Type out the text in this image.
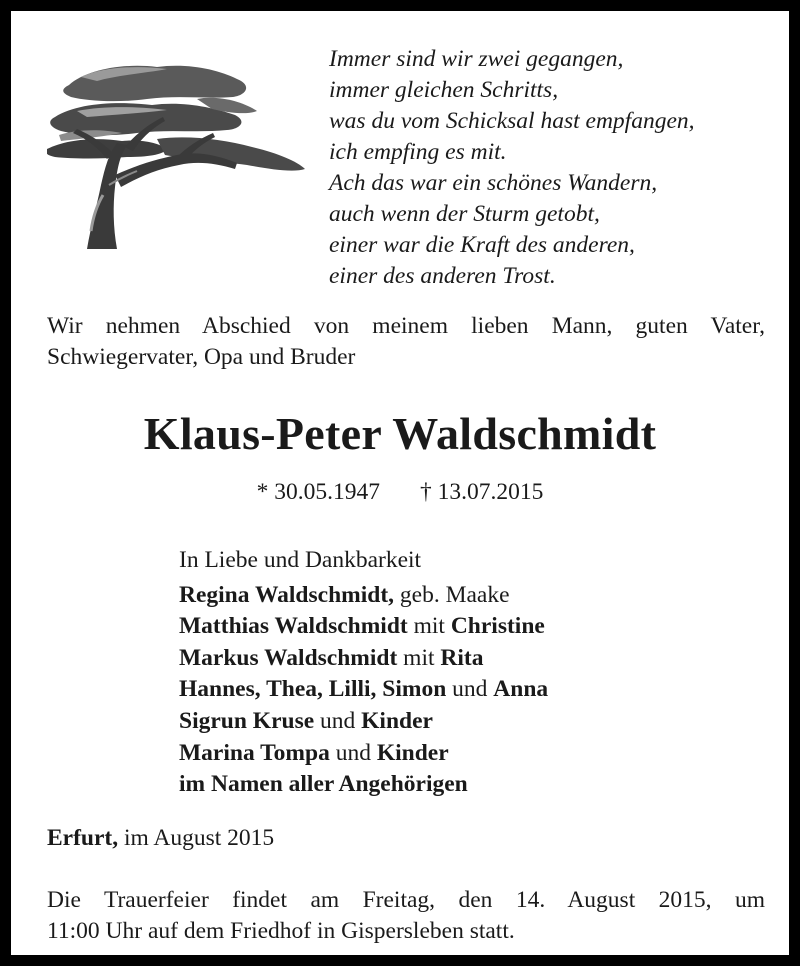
Immer sind wir zwei gegangen,
immer gleichen Schritts,
was du vom Schicksal hast empfangen,
ich empfing es mit.
Ach das war ein schönes Wandern,
auch wenn der Sturm getobt,
einer war die Kraft des anderen,
einer des anderen Trost.
Wir nehmen Abschied von meinem lieben Mann, guten Vater,
Schwiegervater, Opa und Bruder
Klaus-Peter Waldschmidt
* 30.05.1947 † 13.07.2015
In Liebe und Dankbarkeit
Regina Waldschmidt, geb. Maake
Matthias Waldschmidt mit Christine
Markus Waldschmidt mit Rita
Hannes, Thea, Lilli, Simon und Anna
Sigrun Kruse und Kinder
Marina Tompa und Kinder
im Namen aller Angehörigen
Erfurt, im August 2015
Die Trauerfeier findet am Freitag, den 14. August 2015, um
11:00 Uhr auf dem Friedhof in Gispersleben statt.
